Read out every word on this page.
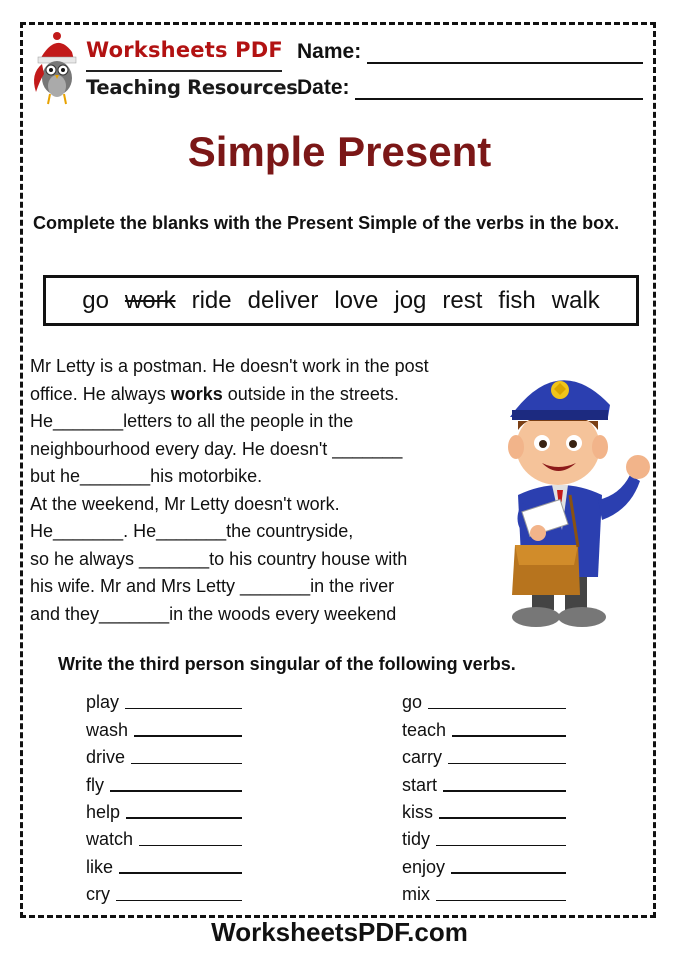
Worksheets PDF
Teaching Resources
Name:
Date:
Simple Present
Complete the blanks with the Present Simple of the verbs in the box.
go work ride deliver love jog rest fish walk
Mr Letty is a postman. He doesn't work in the post
office. He always works outside in the streets.
He_______letters to all the people in the
neighbourhood every day. He doesn't _______
but he_______his motorbike.
At the weekend, Mr Letty doesn't work.
He_______. He_______the countryside,
so he always _______to his country house with
his wife. Mr and Mrs Letty _______in the river
and they_______in the woods every weekend
Write the third person singular of the following verbs.
play
wash
drive
fly
help
watch
like
cry
go
teach
carry
start
kiss
tidy
enjoy
mix
WorksheetsPDF.com
